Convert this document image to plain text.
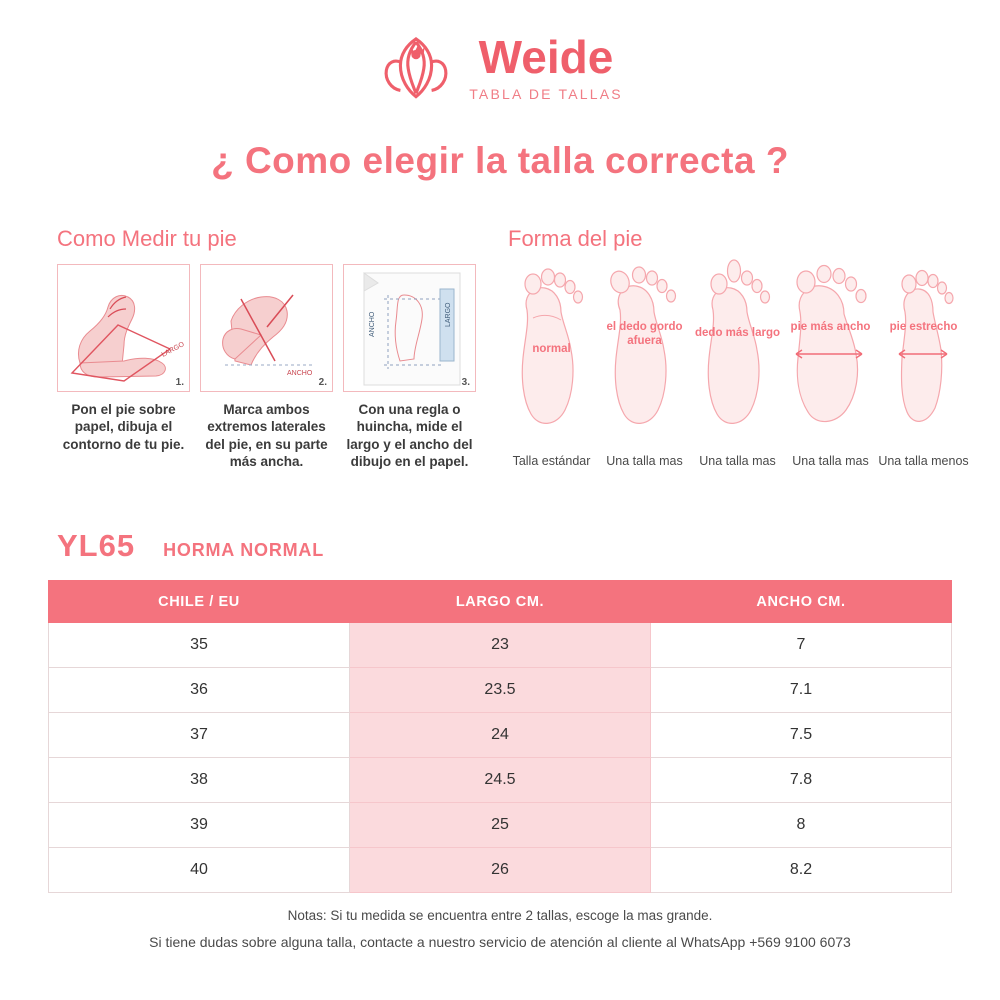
Weide
TABLA DE TALLAS
¿ Como elegir la talla correcta ?
Como Medir tu pie
LARGO
1.
Pon el pie sobre papel, dibuja el contorno de tu pie.
ANCHO
2.
Marca ambos extremos laterales del pie, en su parte más ancha.
LARGO
ANCHO
3.
Con una regla o huincha, mide el largo y el ancho del dibujo en el papel.
Forma del pie
normal
Talla estándar
el dedo gordo afuera
Una talla mas
dedo más largo
Una talla mas
pie más ancho
Una talla mas
pie estrecho
Una talla menos
YL65 HORMA NORMAL
CHILE / EU	LARGO CM.	ANCHO CM.
35	23	7
36	23.5	7.1
37	24	7.5
38	24.5	7.8
39	25	8
40	26	8.2
Notas: Si tu medida se encuentra entre 2 tallas, escoge la mas grande.
Si tiene dudas sobre alguna talla, contacte a nuestro servicio de atención al cliente al WhatsApp +569 9100 6073
